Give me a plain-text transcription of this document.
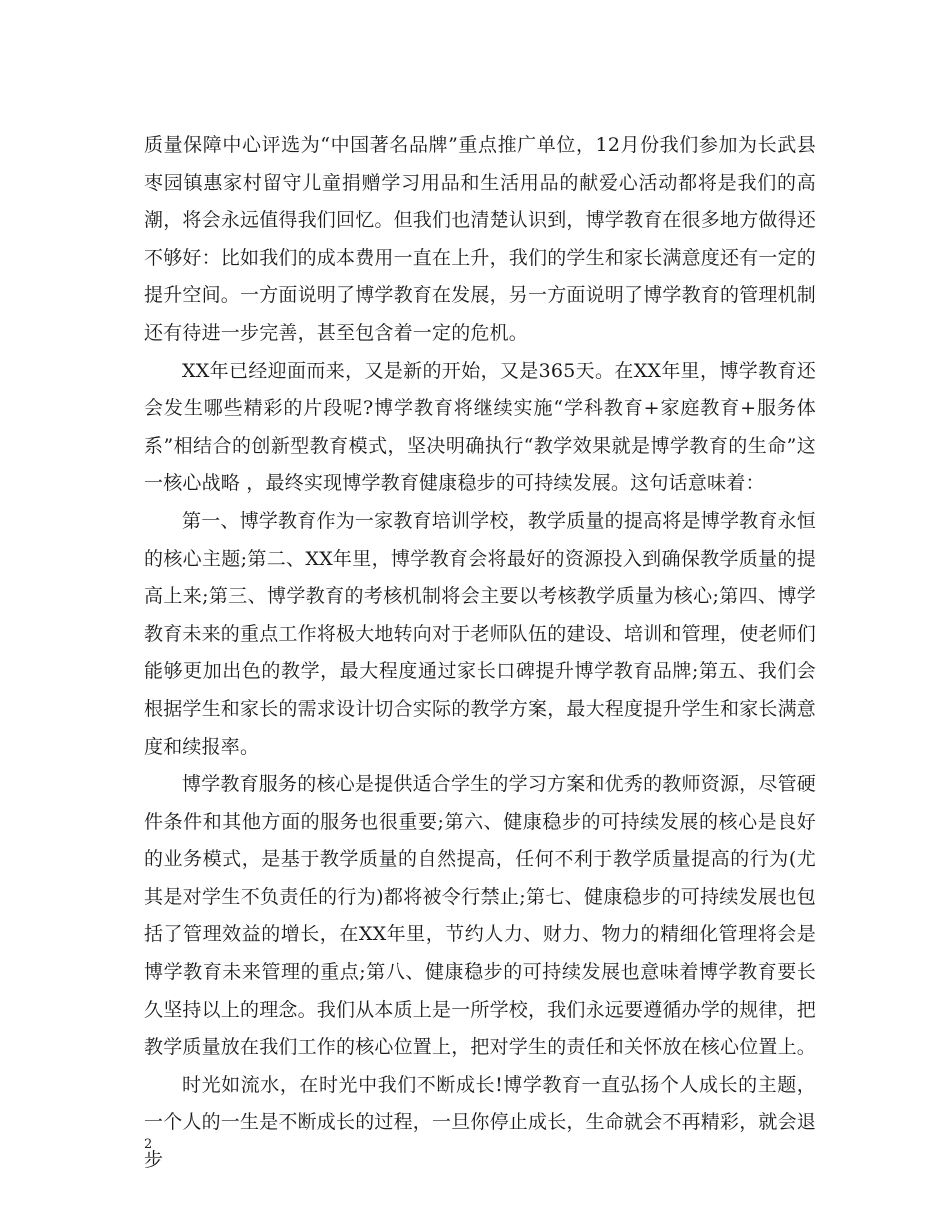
质量保障中心评选为“中国著名品牌”重点推广单位，12月份我们参加为长武县枣园镇惠家村留守儿童捐赠学习用品和生活用品的献爱心活动都将是我们的高潮，将会永远值得我们回忆。但我们也清楚认识到，博学教育在很多地方做得还不够好：比如我们的成本费用一直在上升，我们的学生和家长满意度还有一定的提升空间。一方面说明了博学教育在发展，另一方面说明了博学教育的管理机制还有待进一步完善，甚至包含着一定的危机。

XX年已经迎面而来，又是新的开始，又是365天。在XX年里，博学教育还会发生哪些精彩的片段呢?博学教育将继续实施“学科教育+家庭教育+服务体系”相结合的创新型教育模式，坚决明确执行“教学效果就是博学教育的生命”这一核心战略 ，最终实现博学教育健康稳步的可持续发展。这句话意味着：

第一、博学教育作为一家教育培训学校，教学质量的提高将是博学教育永恒的核心主题;第二、XX年里，博学教育会将最好的资源投入到确保教学质量的提高上来;第三、博学教育的考核机制将会主要以考核教学质量为核心;第四、博学教育未来的重点工作将极大地转向对于老师队伍的建设、培训和管理，使老师们能够更加出色的教学，最大程度通过家长口碑提升博学教育品牌;第五、我们会根据学生和家长的需求设计切合实际的教学方案，最大程度提升学生和家长满意度和续报率。

博学教育服务的核心是提供适合学生的学习方案和优秀的教师资源，尽管硬件条件和其他方面的服务也很重要;第六、健康稳步的可持续发展的核心是良好的业务模式，是基于教学质量的自然提高，任何不利于教学质量提高的行为(尤其是对学生不负责任的行为)都将被令行禁止;第七、健康稳步的可持续发展也包括了管理效益的增长，在XX年里，节约人力、财力、物力的精细化管理将会是博学教育未来管理的重点;第八、健康稳步的可持续发展也意味着博学教育要长久坚持以上的理念。我们从本质上是一所学校，我们永远要遵循办学的规律，把教学质量放在我们工作的核心位置上，把对学生的责任和关怀放在核心位置上。

时光如流水，在时光中我们不断成长!博学教育一直弘扬个人成长的主题，一个人的一生是不断成长的过程，一旦你停止成长，生命就会不再精彩，就会退步

2
